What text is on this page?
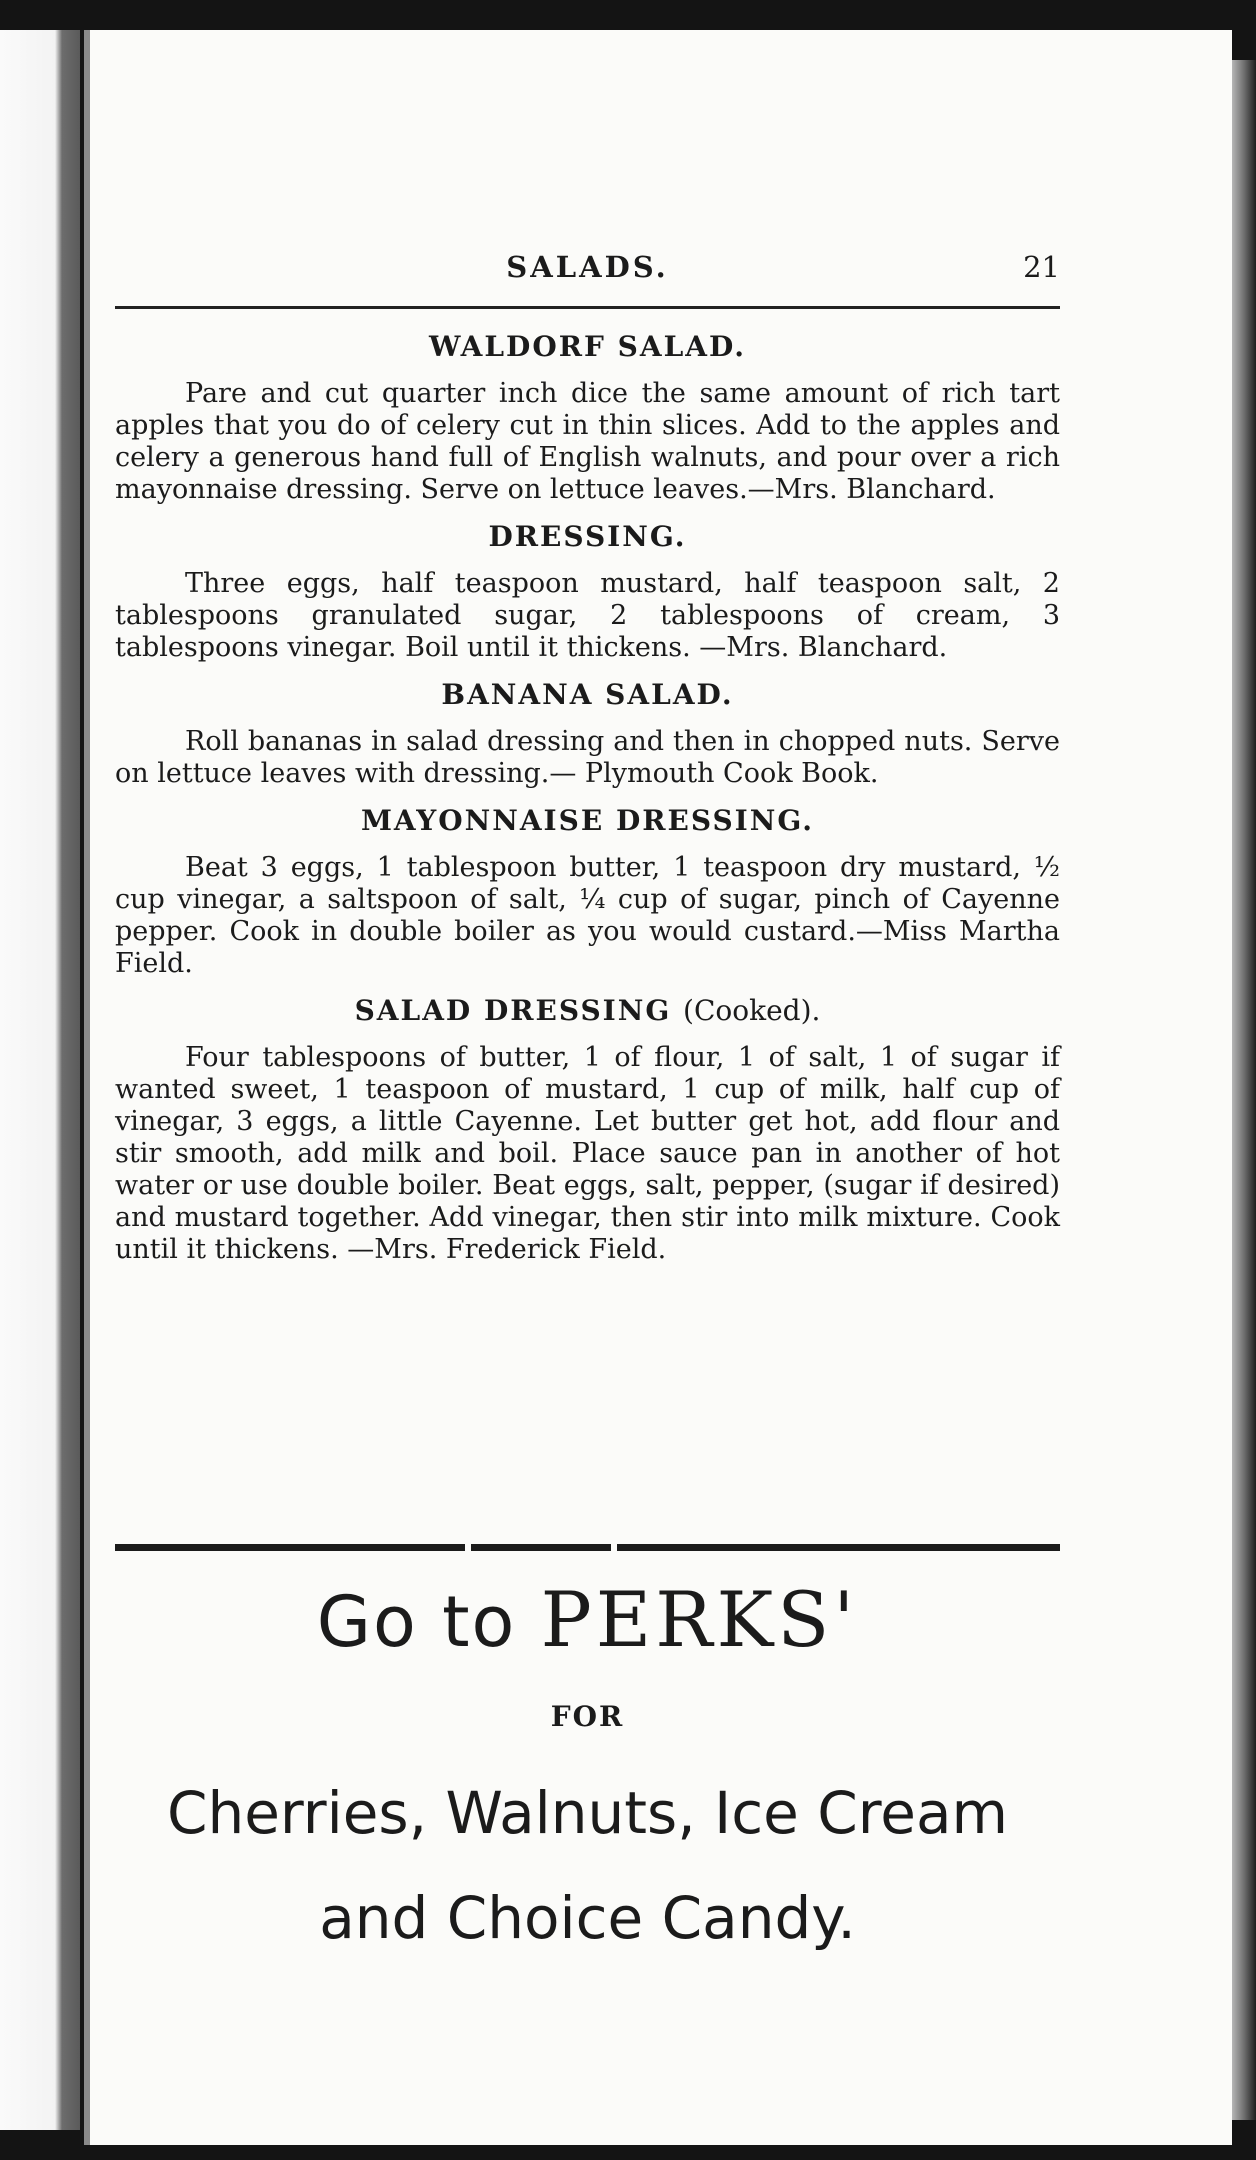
SALADS.	21
WALDORF SALAD.

Pare and cut quarter inch dice the same amount of rich tart apples that you do of celery cut in thin slices. Add to the apples and celery a generous hand full of English walnuts, and pour over a rich mayonnaise dressing. Serve on lettuce leaves.—Mrs. Blanchard.

DRESSING.

Three eggs, half teaspoon mustard, half teaspoon salt, 2 tablespoons granulated sugar, 2 tablespoons of cream, 3 tablespoons vinegar. Boil until it thickens. —Mrs. Blanchard.

BANANA SALAD.

Roll bananas in salad dressing and then in chopped nuts. Serve on lettuce leaves with dressing.— Plymouth Cook Book.

MAYONNAISE DRESSING.

Beat 3 eggs, 1 tablespoon butter, 1 teaspoon dry mustard, ½ cup vinegar, a saltspoon of salt, ¼ cup of sugar, pinch of Cayenne pepper. Cook in double boiler as you would custard.—Miss Martha Field.

SALAD DRESSING (Cooked).

Four tablespoons of butter, 1 of flour, 1 of salt, 1 of sugar if wanted sweet, 1 teaspoon of mustard, 1 cup of milk, half cup of vinegar, 3 eggs, a little Cayenne. Let butter get hot, add flour and stir smooth, add milk and boil. Place sauce pan in another of hot water or use double boiler. Beat eggs, salt, pepper, (sugar if desired) and mustard together. Add vinegar, then stir into milk mixture. Cook until it thickens. —Mrs. Frederick Field.

Go to PERKS'
FOR
Cherries, Walnuts, Ice Cream
and Choice Candy.
